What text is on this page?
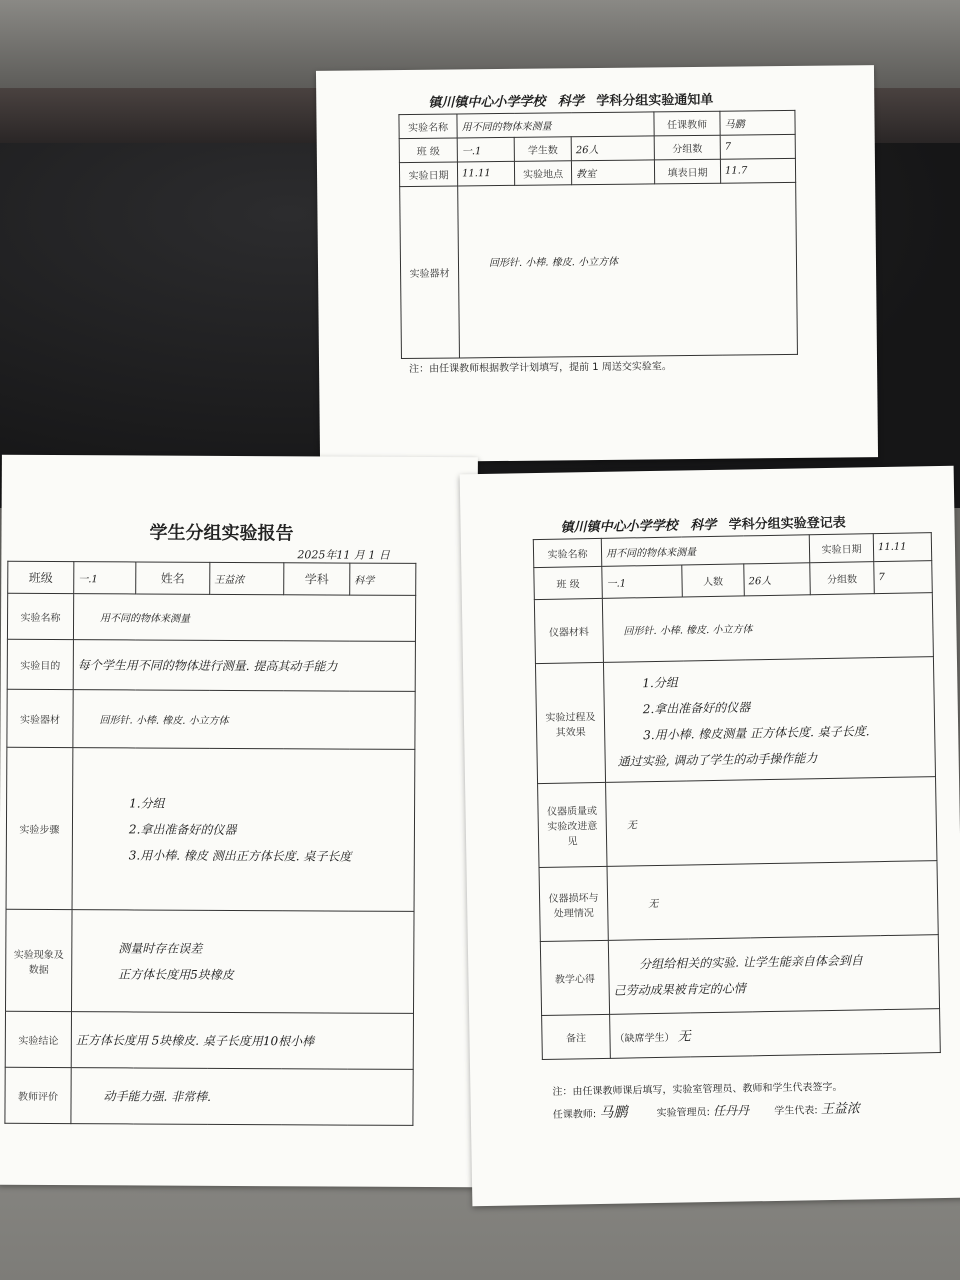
镇川镇中心小学学校 科学 学科分组实验通知单
实验名称	用不同的物体来测量			任课教师	马鹏
班 级	一.1	学生数	26人	分组数	7
实验日期	11.11	实验地点	教室	填表日期	11.7
实验器材	回形针. 小棒. 橡皮. 小立方体				
注：由任课教师根据教学计划填写，提前 1 周送交实验室。
学生分组实验报告
2025年11 月 1 日
班级	一.1	姓名	王益浓	学科	科学
实验名称	用不同的物体来测量				
实验目的	每个学生用不同的物体进行测量. 提高其动手能力				
实验器材	回形针. 小棒. 橡皮. 小立方体				
实验步骤	1.分组
2.拿出准备好的仪器
3.用小棒. 橡皮 测出正方体长度. 桌子长度				

实验现象及数据	测量时存在误差
正方体长度用5块橡皮				

实验结论	正方体长度用 5块橡皮. 桌子长度用10根小棒				
教师评价	动手能力强. 非常棒.				
镇川镇中心小学学校 科学 学科分组实验登记表
实验名称	用不同的物体来测量			实验日期	11.11
班 级	一.1	人数	26人	分组数	7
仪器材料	回形针. 小棒. 橡皮. 小立方体				
实验过程及其效果	1.分组
2.拿出准备好的仪器
3.用小棒. 橡皮测量 正方体长度. 桌子长度.
通过实验, 调动了学生的动手操作能力				

仪器质量或实验改进意见	无				
仪器损坏与处理情况	无				
教学心得	分组给相关的实验. 让学生能亲自体会到自
己劳动成果被肯定的心情				

备注	（缺席学生） 无				
注：由任课教师课后填写，实验室管理员、教师和学生代表签字。
任课教师: 马鹏	实验管理员: 任丹丹 学生代表: 王益浓
